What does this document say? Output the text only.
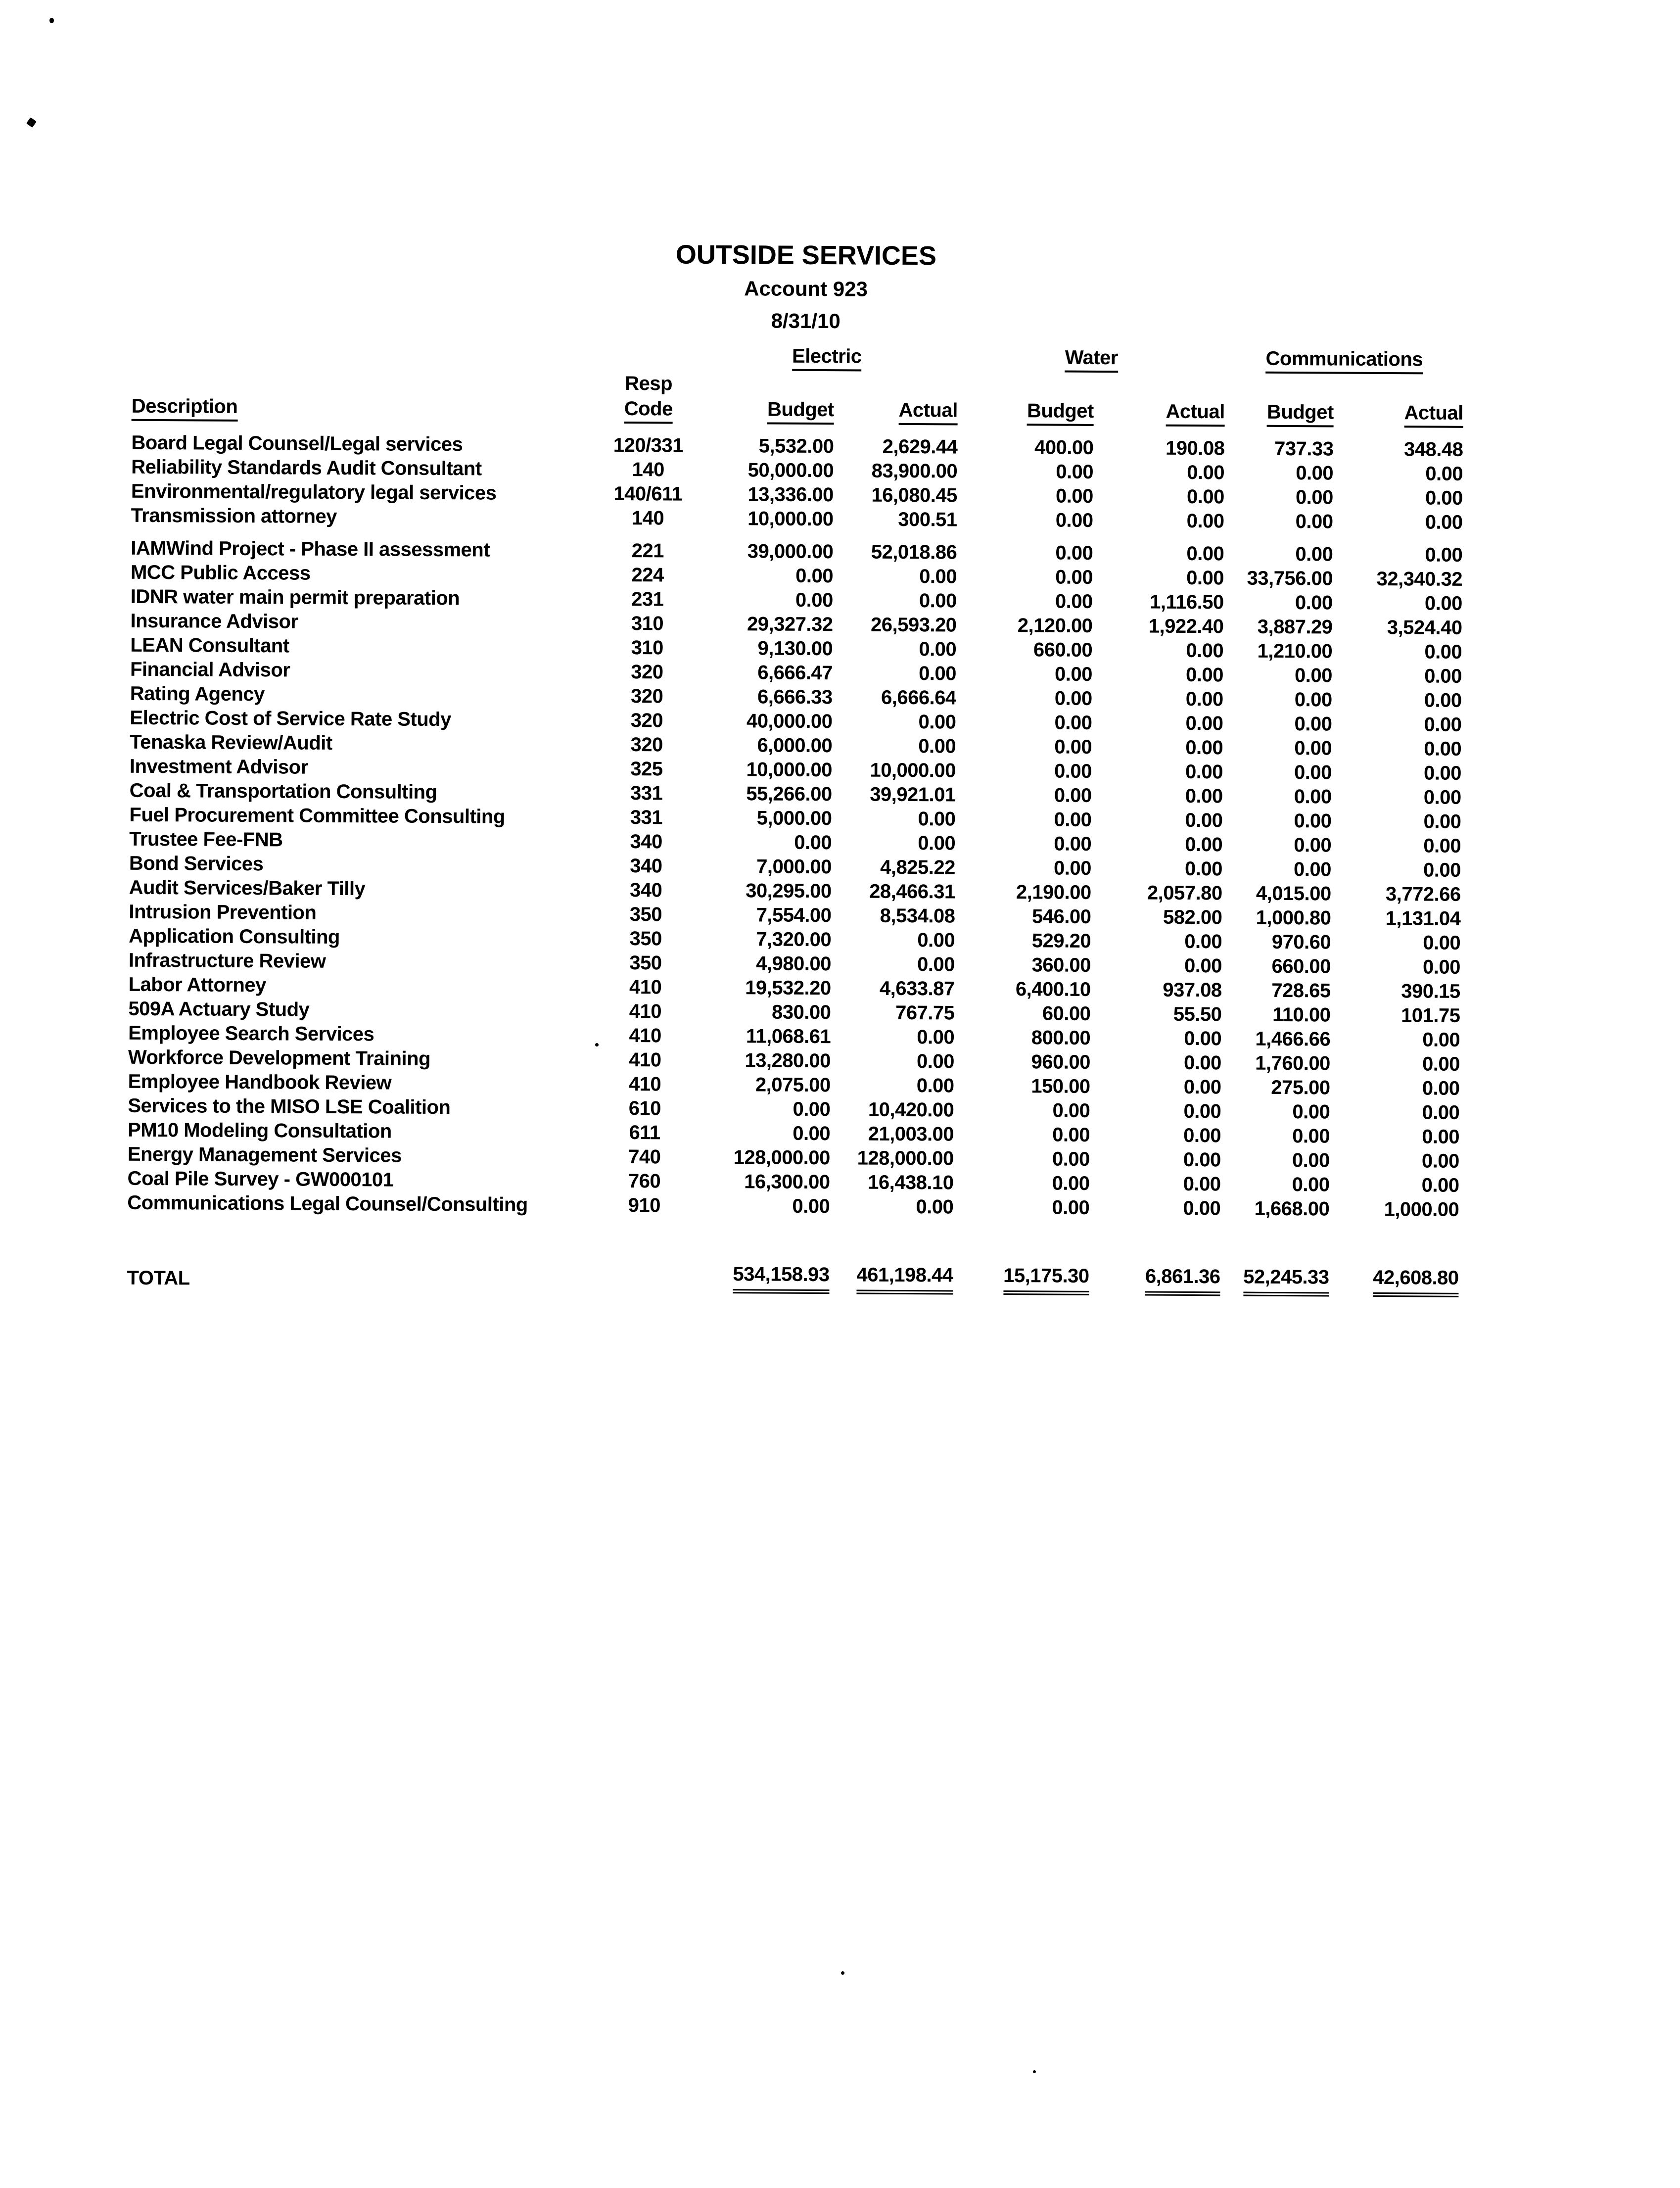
OUTSIDE SERVICES
Account 923
8/31/10
		Electric		Water		Communications	
	Resp						
Description	Code	Budget	Actual	Budget	Actual	Budget	Actual
Board Legal Counsel/Legal services	120/331	5,532.00	2,629.44	400.00	190.08	737.33	348.48
Reliability Standards Audit Consultant	140	50,000.00	83,900.00	0.00	0.00	0.00	0.00
Environmental/regulatory legal services	140/611	13,336.00	16,080.45	0.00	0.00	0.00	0.00
Transmission attorney	140	10,000.00	300.51	0.00	0.00	0.00	0.00
IAMWind Project - Phase II assessment	221	39,000.00	52,018.86	0.00	0.00	0.00	0.00
MCC Public Access	224	0.00	0.00	0.00	0.00	33,756.00	32,340.32
IDNR water main permit preparation	231	0.00	0.00	0.00	1,116.50	0.00	0.00
Insurance Advisor	310	29,327.32	26,593.20	2,120.00	1,922.40	3,887.29	3,524.40
LEAN Consultant	310	9,130.00	0.00	660.00	0.00	1,210.00	0.00
Financial Advisor	320	6,666.47	0.00	0.00	0.00	0.00	0.00
Rating Agency	320	6,666.33	6,666.64	0.00	0.00	0.00	0.00
Electric Cost of Service Rate Study	320	40,000.00	0.00	0.00	0.00	0.00	0.00
Tenaska Review/Audit	320	6,000.00	0.00	0.00	0.00	0.00	0.00
Investment Advisor	325	10,000.00	10,000.00	0.00	0.00	0.00	0.00
Coal & Transportation Consulting	331	55,266.00	39,921.01	0.00	0.00	0.00	0.00
Fuel Procurement Committee Consulting	331	5,000.00	0.00	0.00	0.00	0.00	0.00
Trustee Fee-FNB	340	0.00	0.00	0.00	0.00	0.00	0.00
Bond Services	340	7,000.00	4,825.22	0.00	0.00	0.00	0.00
Audit Services/Baker Tilly	340	30,295.00	28,466.31	2,190.00	2,057.80	4,015.00	3,772.66
Intrusion Prevention	350	7,554.00	8,534.08	546.00	582.00	1,000.80	1,131.04
Application Consulting	350	7,320.00	0.00	529.20	0.00	970.60	0.00
Infrastructure Review	350	4,980.00	0.00	360.00	0.00	660.00	0.00
Labor Attorney	410	19,532.20	4,633.87	6,400.10	937.08	728.65	390.15
509A Actuary Study	410	830.00	767.75	60.00	55.50	110.00	101.75
Employee Search Services	410	11,068.61	0.00	800.00	0.00	1,466.66	0.00
Workforce Development Training	410	13,280.00	0.00	960.00	0.00	1,760.00	0.00
Employee Handbook Review	410	2,075.00	0.00	150.00	0.00	275.00	0.00
Services to the MISO LSE Coalition	610	0.00	10,420.00	0.00	0.00	0.00	0.00
PM10 Modeling Consultation	611	0.00	21,003.00	0.00	0.00	0.00	0.00
Energy Management Services	740	128,000.00	128,000.00	0.00	0.00	0.00	0.00
Coal Pile Survey - GW000101	760	16,300.00	16,438.10	0.00	0.00	0.00	0.00
Communications Legal Counsel/Consulting	910	0.00	0.00	0.00	0.00	1,668.00	1,000.00
TOTAL		534,158.93	461,198.44	15,175.30	6,861.36	52,245.33	42,608.80
